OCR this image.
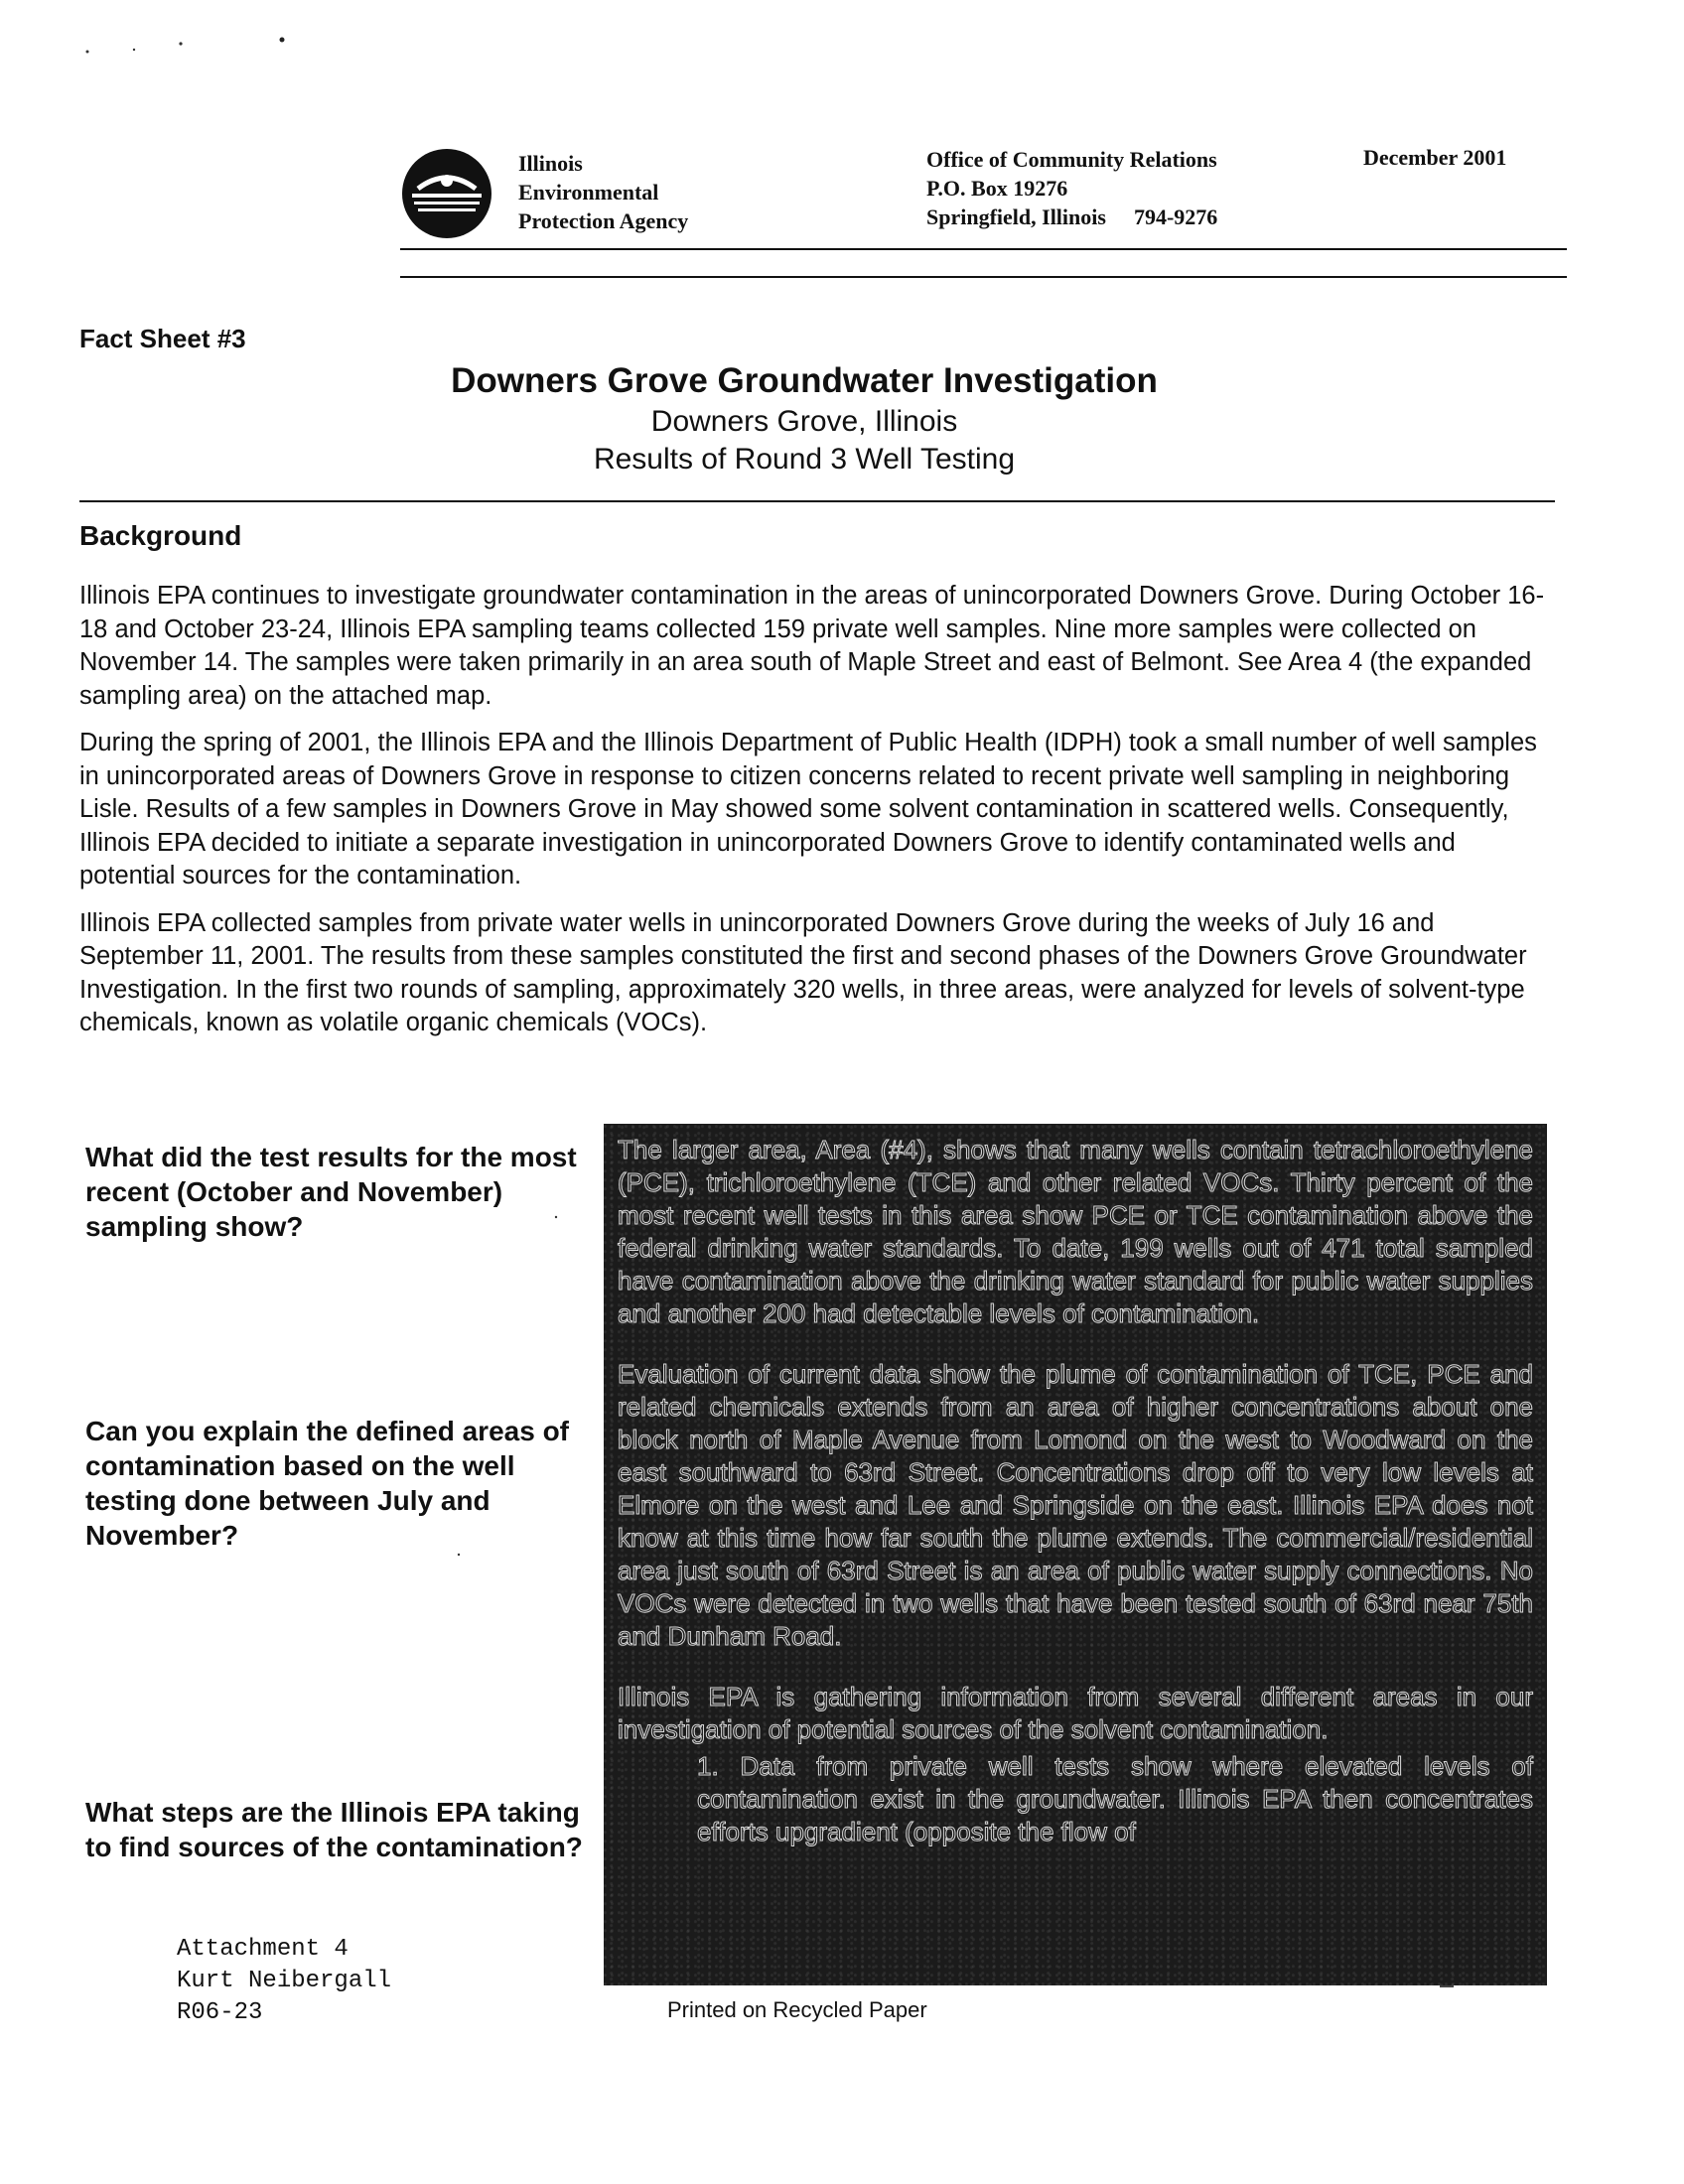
Illinois
Environmental
Protection Agency
Office of Community Relations
P.O. Box 19276
Springfield, Illinois 794-9276
December 2001
Fact Sheet #3
Downers Grove Groundwater Investigation
Downers Grove, Illinois
Results of Round 3 Well Testing
Background

Illinois EPA continues to investigate groundwater contamination in the areas of unincorporated Downers Grove. During October 16-18 and October 23-24, Illinois EPA sampling teams collected 159 private well samples. Nine more samples were collected on November 14. The samples were taken primarily in an area south of Maple Street and east of Belmont. See Area 4 (the expanded sampling area) on the attached map.

During the spring of 2001, the Illinois EPA and the Illinois Department of Public Health (IDPH) took a small number of well samples in unincorporated areas of Downers Grove in response to citizen concerns related to recent private well sampling in neighboring Lisle. Results of a few samples in Downers Grove in May showed some solvent contamination in scattered wells. Consequently, Illinois EPA decided to initiate a separate investigation in unincorporated Downers Grove to identify contaminated wells and potential sources for the contamination.

Illinois EPA collected samples from private water wells in unincorporated Downers Grove during the weeks of July 16 and September 11, 2001. The results from these samples constituted the first and second phases of the Downers Grove Groundwater Investigation. In the first two rounds of sampling, approximately 320 wells, in three areas, were analyzed for levels of solvent-type chemicals, known as volatile organic chemicals (VOCs).

What did the test results for the most recent (October and November) sampling show?
Can you explain the defined areas of contamination based on the well testing done between July and November?
What steps are the Illinois EPA taking to find sources of the contamination?

The larger area, Area (#4), shows that many wells contain tetrachloroethylene (PCE), trichloroethylene (TCE) and other related VOCs. Thirty percent of the most recent well tests in this area show PCE or TCE contamination above the federal drinking water standards. To date, 199 wells out of 471 total sampled have contamination above the drinking water standard for public water supplies and another 200 had detectable levels of contamination.

Evaluation of current data show the plume of contamination of TCE, PCE and related chemicals extends from an area of higher concentrations about one block north of Maple Avenue from Lomond on the west to Woodward on the east southward to 63rd Street. Concentrations drop off to very low levels at Elmore on the west and Lee and Springside on the east. Illinois EPA does not know at this time how far south the plume extends. The commercial/residential area just south of 63rd Street is an area of public water supply connections. No VOCs were detected in two wells that have been tested south of 63rd near 75th and Dunham Road.

Illinois EPA is gathering information from several different areas in our investigation of potential sources of the solvent contamination.

1. Data from private well tests show where elevated levels of contamination exist in the groundwater. Illinois EPA then concentrates efforts upgradient (opposite the flow of

Attachment 4
Kurt Neibergall
R06-23	Printed on Recycled Paper
